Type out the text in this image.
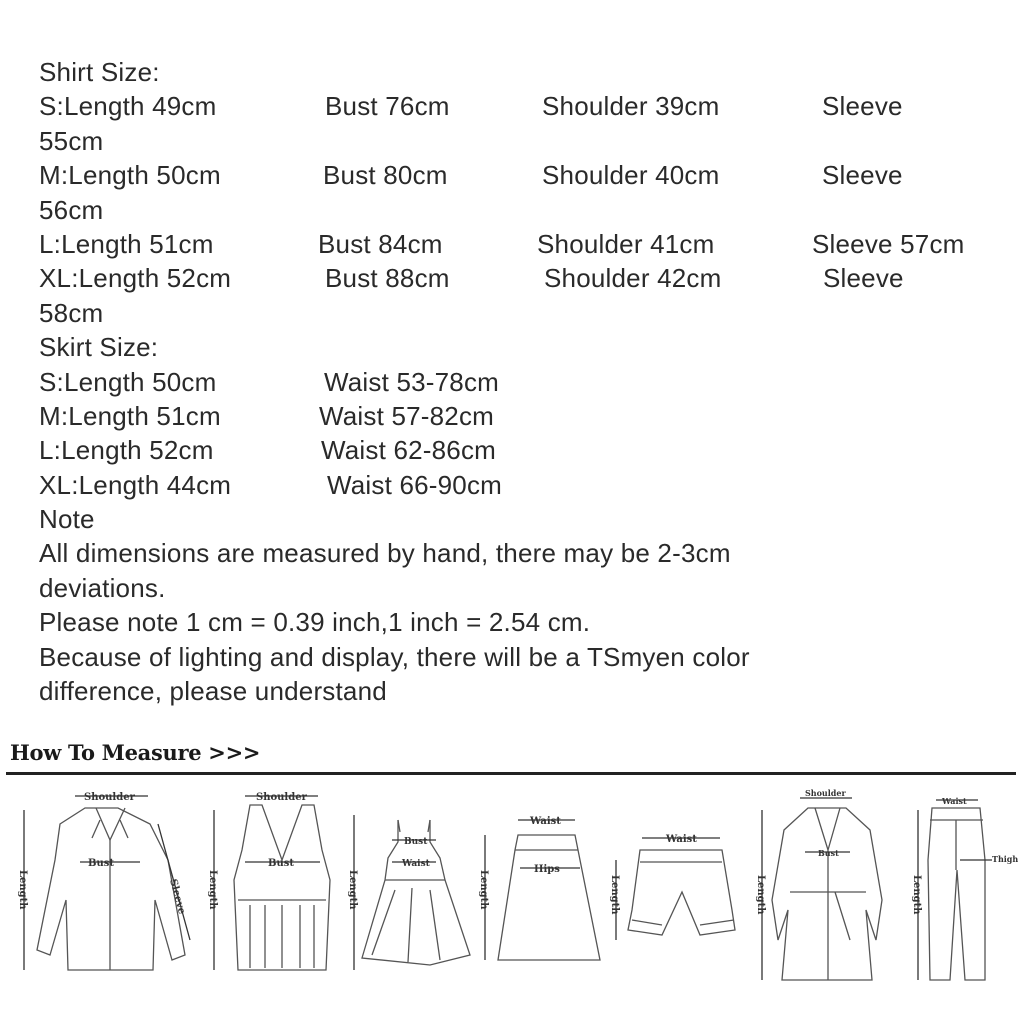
Shirt Size:
S:Length 49cm	Bust 76cm	Shoulder 39cm	Sleeve
55cm
M:Length 50cm	Bust 80cm	Shoulder 40cm	Sleeve
56cm
L:Length 51cm	Bust 84cm	Shoulder 41cm	Sleeve 57cm
XL:Length 52cm	Bust 88cm	Shoulder 42cm	Sleeve
58cm
Skirt Size:
S:Length 50cm	Waist 53-78cm
M:Length 51cm	Waist 57-82cm
L:Length 52cm	Waist 62-86cm
XL:Length 44cm	Waist 66-90cm
Note
All dimensions are measured by hand, there may be 2-3cm deviations.
Please note 1 cm = 0.39 inch,1 inch = 2.54 cm.
Because of lighting and display, there will be a TSmyen color difference, please understand
How To Measure >>>
Shoulder
Bust
Sleeve
Length
Shoulder
Bust
Length
Bust
Waist
Length
Waist
Hips
Length
Waist
Length
Shoulder
Bust
Length
Waist
Thigh
Length
